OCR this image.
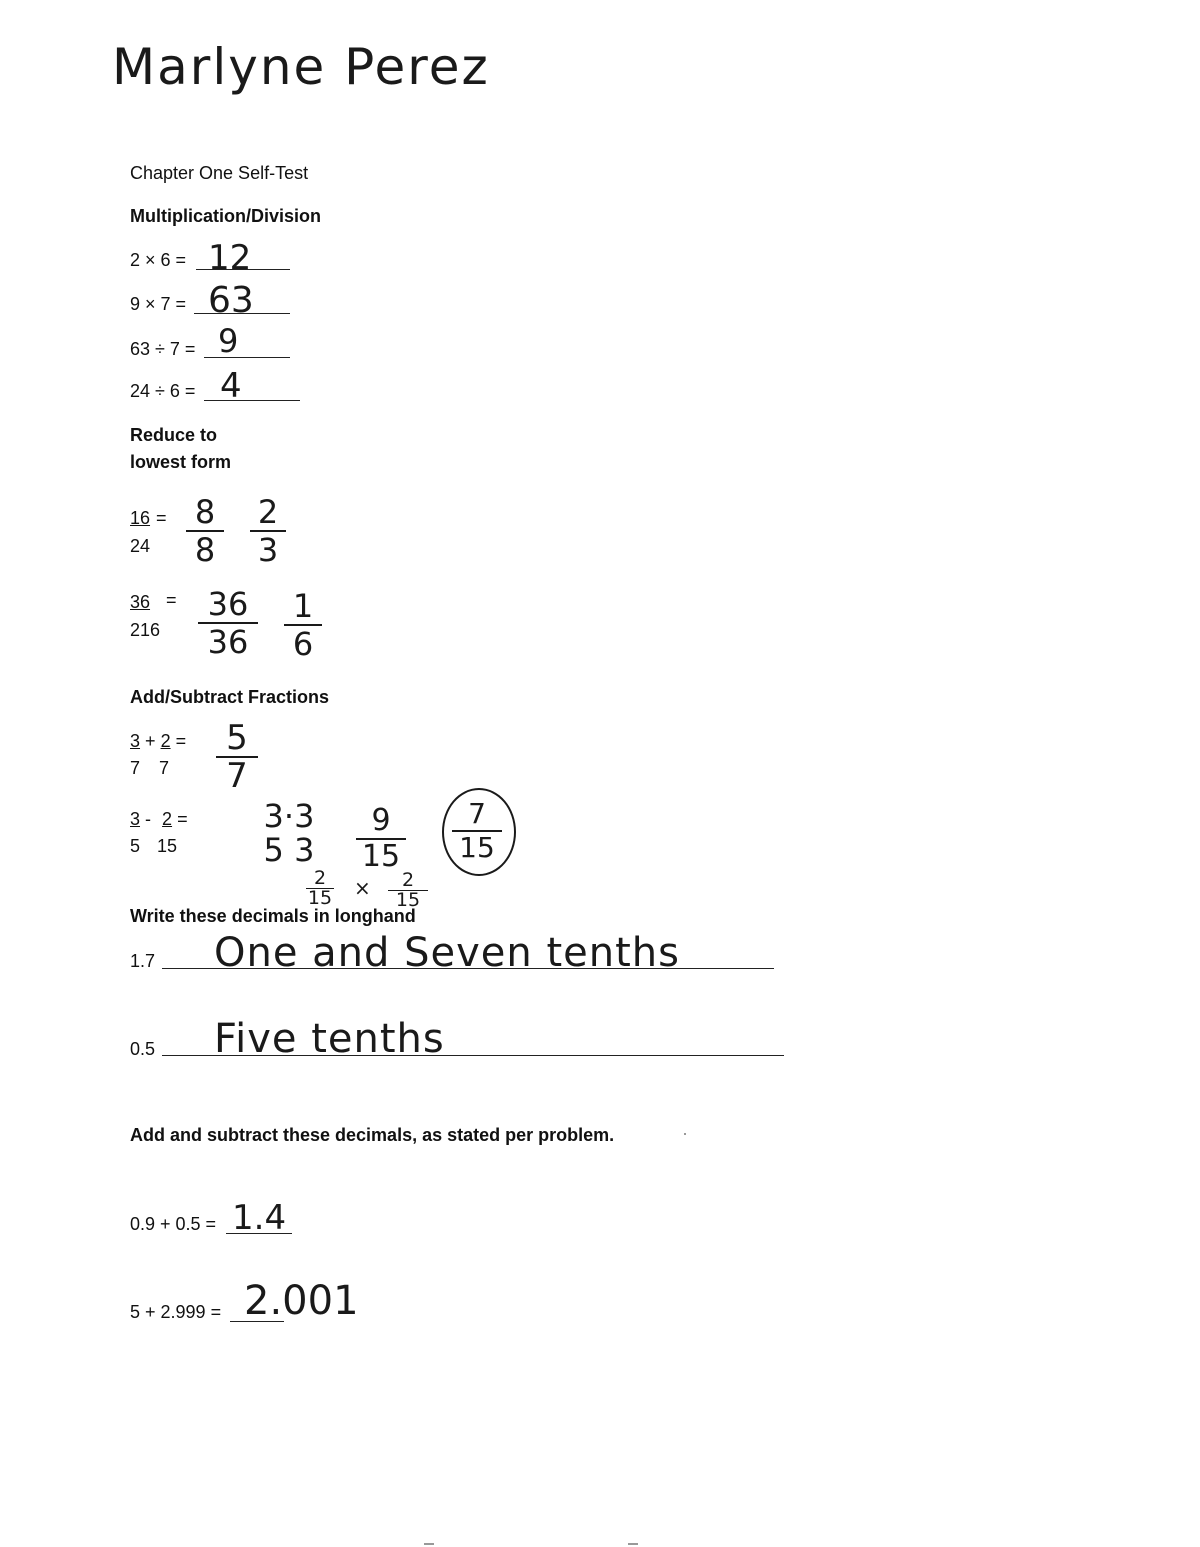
Marlyne Perez
Chapter One Self-Test
Multiplication/Division
2 × 6 = 12
9 × 7 = 63
63 ÷ 7 = 9
24 ÷ 6 = 4
Reduce to
lowest form
$\frac{16}{24}$
= 8
8
2
3
$\frac{36}{216}$
= 36
36
1
6
Add/Subtract Fractions
3 + 2 =
7 7
5
7
3 - 2 =
5 15
3·3
5 3
9
15
7
15
2
15 ×	2
15
Write these decimals in longhand
1.7 One and Seven tenths
0.5 Five tenths
Add and subtract these decimals, as stated per problem.
0.9 + 0.5 = 1.4
5 + 2.999 = 2.001
